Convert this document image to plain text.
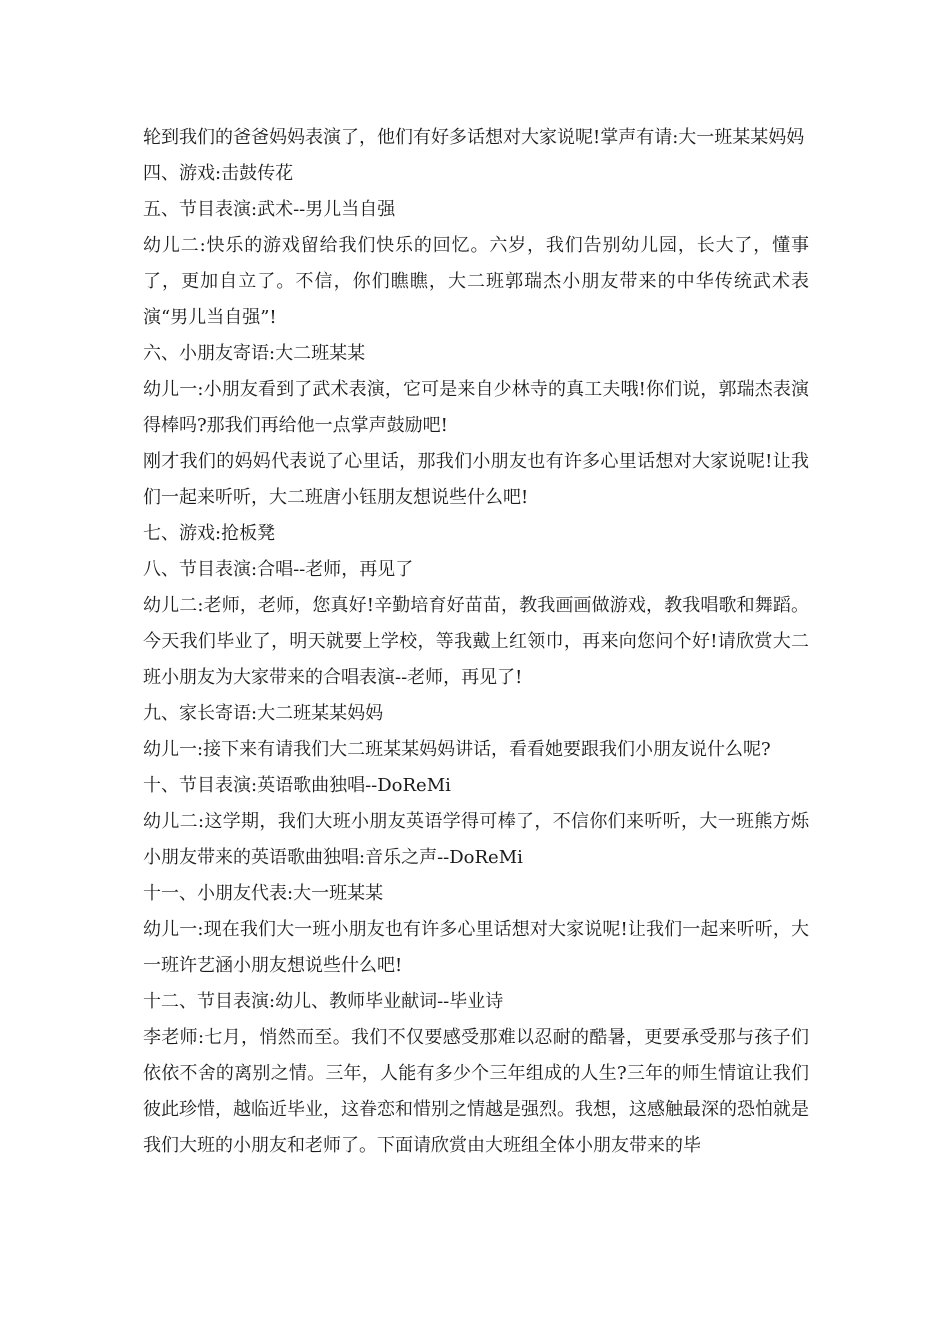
轮到我们的爸爸妈妈表演了，他们有好多话想对大家说呢!掌声有请:大一班某某妈妈

四、游戏:击鼓传花

五、节目表演:武术--男儿当自强

幼儿二:快乐的游戏留给我们快乐的回忆。六岁，我们告别幼儿园，长大了，懂事了，更加自立了。不信，你们瞧瞧，大二班郭瑞杰小朋友带来的中华传统武术表演“男儿当自强”!

六、小朋友寄语:大二班某某

幼儿一:小朋友看到了武术表演，它可是来自少林寺的真工夫哦!你们说，郭瑞杰表演得棒吗?那我们再给他一点掌声鼓励吧!

刚才我们的妈妈代表说了心里话，那我们小朋友也有许多心里话想对大家说呢!让我们一起来听听，大二班唐小钰朋友想说些什么吧!

七、游戏:抢板凳

八、节目表演:合唱--老师，再见了

幼儿二:老师，老师，您真好!辛勤培育好苗苗，教我画画做游戏，教我唱歌和舞蹈。今天我们毕业了，明天就要上学校，等我戴上红领巾，再来向您问个好!请欣赏大二班小朋友为大家带来的合唱表演--老师，再见了!

九、家长寄语:大二班某某妈妈

幼儿一:接下来有请我们大二班某某妈妈讲话，看看她要跟我们小朋友说什么呢?

十、节目表演:英语歌曲独唱--DoReMi

幼儿二:这学期，我们大班小朋友英语学得可棒了，不信你们来听听，大一班熊方烁小朋友带来的英语歌曲独唱:音乐之声--DoReMi

十一、小朋友代表:大一班某某

幼儿一:现在我们大一班小朋友也有许多心里话想对大家说呢!让我们一起来听听，大一班许艺涵小朋友想说些什么吧!

十二、节目表演:幼儿、教师毕业献词--毕业诗

李老师:七月，悄然而至。我们不仅要感受那难以忍耐的酷暑，更要承受那与孩子们依依不舍的离别之情。三年，人能有多少个三年组成的人生?三年的师生情谊让我们彼此珍惜，越临近毕业，这眷恋和惜别之情越是强烈。我想，这感触最深的恐怕就是我们大班的小朋友和老师了。下面请欣赏由大班组全体小朋友带来的毕
